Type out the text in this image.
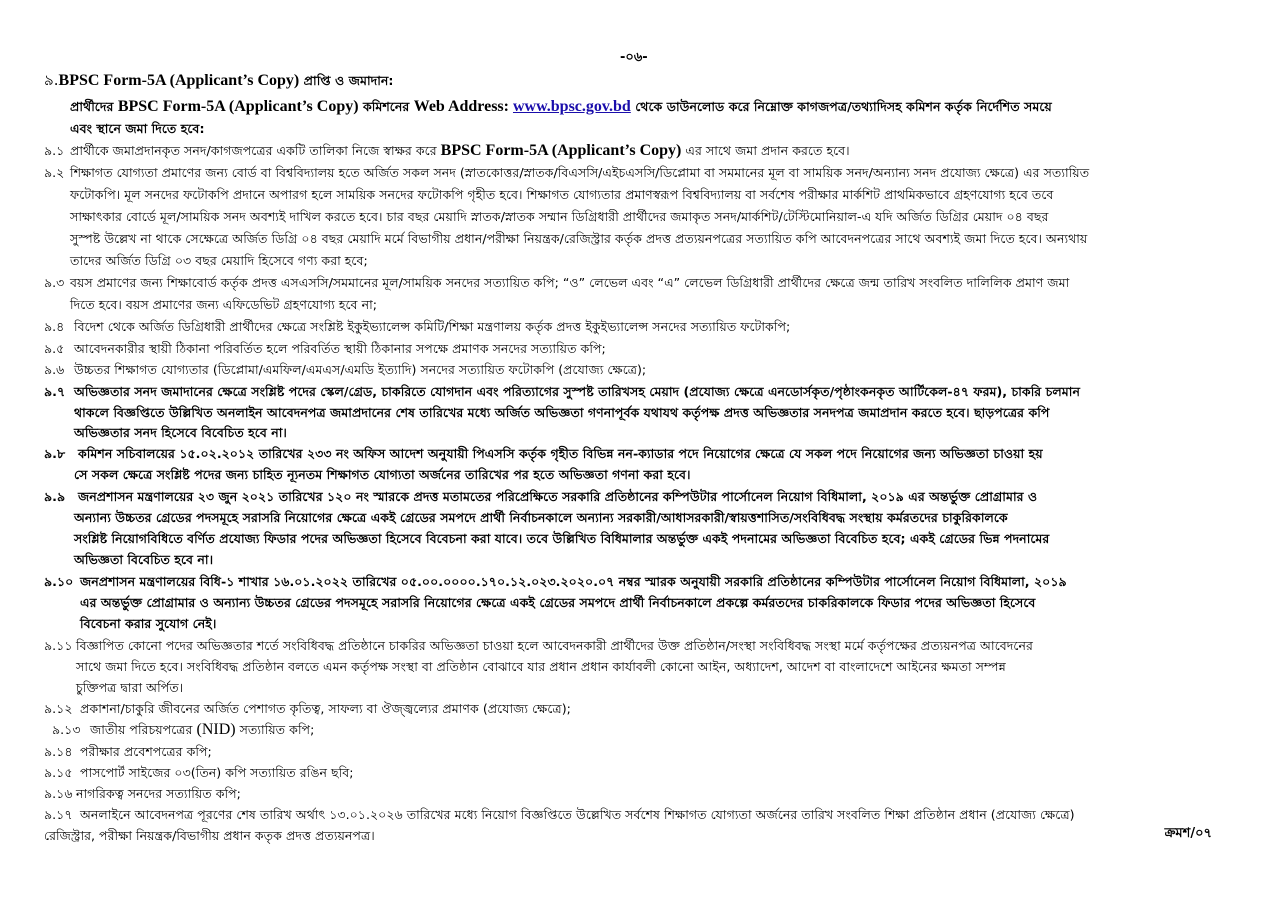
-০৬-
৯.BPSC Form-5A (Applicant’s Copy) প্রাপ্তি ও জমাদান:
প্রার্থীদের BPSC Form-5A (Applicant’s Copy) কমিশনের Web Address: www.bpsc.gov.bd থেকে ডাউনলোড করে নিম্নোক্ত কাগজপত্র/তথ্যাদিসহ কমিশন কর্তৃক নির্দেশিত সময়ে
এবং স্থানে জমা দিতে হবে:
৯.১ প্রার্থীকে জমাপ্রদানকৃত সনদ/কাগজপত্রের একটি তালিকা নিজে স্বাক্ষর করে BPSC Form-5A (Applicant’s Copy) এর সাথে জমা প্রদান করতে হবে।
৯.২ শিক্ষাগত যোগ্যতা প্রমাণের জন্য বোর্ড বা বিশ্ববিদ্যালয় হতে অর্জিত সকল সনদ (স্নাতকোত্তর/স্নাতক/বিএসসি/এইচএসসি/ডিপ্লোমা বা সমমানের মূল বা সাময়িক সনদ/অন্যান্য সনদ প্রযোজ্য ক্ষেত্রে) এর সত্যায়িত
ফটোকপি। মূল সনদের ফটোকপি প্রদানে অপারগ হলে সাময়িক সনদের ফটোকপি গৃহীত হবে। শিক্ষাগত যোগ্যতার প্রমাণস্বরূপ বিশ্ববিদ্যালয় বা সর্বশেষ পরীক্ষার মার্কশিট প্রাথমিকভাবে গ্রহণযোগ্য হবে তবে
সাক্ষাৎকার বোর্ডে মূল/সাময়িক সনদ অবশ্যই দাখিল করতে হবে। চার বছর মেয়াদি স্নাতক/স্নাতক সম্মান ডিগ্রিধারী প্রার্থীদের জমাকৃত সনদ/মার্কশিট/টেস্টিমোনিয়াল-এ যদি অর্জিত ডিগ্রির মেয়াদ ০৪ বছর
সুস্পষ্ট উল্লেখ না থাকে সেক্ষেত্রে অর্জিত ডিগ্রি ০৪ বছর মেয়াদি মর্মে বিভাগীয় প্রধান/পরীক্ষা নিয়ন্ত্রক/রেজিস্ট্রার কর্তৃক প্রদত্ত প্রত্যয়নপত্রের সত্যায়িত কপি আবেদনপত্রের সাথে অবশ্যই জমা দিতে হবে। অন্যথায়
তাদের অর্জিত ডিগ্রি ০৩ বছর মেয়াদি হিসেবে গণ্য করা হবে;
৯.৩ বয়স প্রমাণের জন্য শিক্ষাবোর্ড কর্তৃক প্রদত্ত এসএসসি/সমমানের মূল/সাময়িক সনদের সত্যায়িত কপি; “ও” লেভেল এবং “এ” লেভেল ডিগ্রিধারী প্রার্থীদের ক্ষেত্রে জন্ম তারিখ সংবলিত দালিলিক প্রমাণ জমা
দিতে হবে। বয়স প্রমাণের জন্য এফিডেভিট গ্রহণযোগ্য হবে না;
৯.৪ বিদেশ থেকে অর্জিত ডিগ্রিধারী প্রার্থীদের ক্ষেত্রে সংশ্লিষ্ট ইকুইভ্যালেন্স কমিটি/শিক্ষা মন্ত্রণালয় কর্তৃক প্রদত্ত ইকুইভ্যালেন্স সনদের সত্যায়িত ফটোকপি;
৯.৫ আবেদনকারীর স্থায়ী ঠিকানা পরিবর্তিত হলে পরিবর্তিত স্থায়ী ঠিকানার সপক্ষে প্রমাণক সনদের সত্যায়িত কপি;
৯.৬ উচ্চতর শিক্ষাগত যোগ্যতার (ডিপ্লোমা/এমফিল/এমএস/এমডি ইত্যাদি) সনদের সত্যায়িত ফটোকপি (প্রযোজ্য ক্ষেত্রে);
৯.৭ অভিজ্ঞতার সনদ জমাদানের ক্ষেত্রে সংশ্লিষ্ট পদের স্কেল/গ্রেড, চাকরিতে যোগদান এবং পরিত্যাগের সুস্পষ্ট তারিখসহ মেয়াদ (প্রযোজ্য ক্ষেত্রে এনডোর্সকৃত/পৃষ্ঠাংকনকৃত আর্টিকেল-৪৭ ফরম), চাকরি চলমান
থাকলে বিজ্ঞপ্তিতে উল্লিখিত অনলাইন আবেদনপত্র জমাপ্রদানের শেষ তারিখের মধ্যে অর্জিত অভিজ্ঞতা গণনাপূর্বক যথাযথ কর্তৃপক্ষ প্রদত্ত অভিজ্ঞতার সনদপত্র জমাপ্রদান করতে হবে। ছাড়পত্রের কপি
অভিজ্ঞতার সনদ হিসেবে বিবেচিত হবে না।
৯.৮ কমিশন সচিবালয়ের ১৫.০২.২০১২ তারিখের ২৩৩ নং অফিস আদেশ অনুযায়ী পিএসসি কর্তৃক গৃহীত বিভিন্ন নন-ক্যাডার পদে নিয়োগের ক্ষেত্রে যে সকল পদে নিয়োগের জন্য অভিজ্ঞতা চাওয়া হয়
সে সকল ক্ষেত্রে সংশ্লিষ্ট পদের জন্য চাহিত ন্যূনতম শিক্ষাগত যোগ্যতা অর্জনের তারিখের পর হতে অভিজ্ঞতা গণনা করা হবে।
৯.৯ জনপ্রশাসন মন্ত্রণালয়ের ২৩ জুন ২০২১ তারিখের ১২০ নং স্মারকে প্রদত্ত মতামতের পরিপ্রেক্ষিতে সরকারি প্রতিষ্ঠানের কম্পিউটার পার্সোনেল নিয়োগ বিধিমালা, ২০১৯ এর অন্তর্ভুক্ত প্রোগ্রামার ও
অন্যান্য উচ্চতর গ্রেডের পদসমূহে সরাসরি নিয়োগের ক্ষেত্রে একই গ্রেডের সমপদে প্রার্থী নির্বাচনকালে অন্যান্য সরকারী/আধাসরকারী/স্বায়ত্তশাসিত/সংবিধিবদ্ধ সংস্থায় কর্মরতদের চাকুরিকালকে
সংশ্লিষ্ট নিয়োগবিধিতে বর্ণিত প্রযোজ্য ফিডার পদের অভিজ্ঞতা হিসেবে বিবেচনা করা যাবে। তবে উল্লিখিত বিধিমালার অন্তর্ভুক্ত একই পদনামের অভিজ্ঞতা বিবেচিত হবে; একই গ্রেডের ভিন্ন পদনামের
অভিজ্ঞতা বিবেচিত হবে না।
৯.১০ জনপ্রশাসন মন্ত্রণালয়ের বিধি-১ শাখার ১৬.০১.২০২২ তারিখের ০৫.০০.০০০০.১৭০.১২.০২৩.২০২০.০৭ নম্বর স্মারক অনুযায়ী সরকারি প্রতিষ্ঠানের কম্পিউটার পার্সোনেল নিয়োগ বিধিমালা, ২০১৯
এর অন্তর্ভুক্ত প্রোগ্রামার ও অন্যান্য উচ্চতর গ্রেডের পদসমূহে সরাসরি নিয়োগের ক্ষেত্রে একই গ্রেডের সমপদে প্রার্থী নির্বাচনকালে প্রকল্পে কর্মরতদের চাকরিকালকে ফিডার পদের অভিজ্ঞতা হিসেবে
বিবেচনা করার সুযোগ নেই।
৯.১১ বিজ্ঞাপিত কোনো পদের অভিজ্ঞতার শর্তে সংবিধিবদ্ধ প্রতিষ্ঠানে চাকরির অভিজ্ঞতা চাওয়া হলে আবেদনকারী প্রার্থীদের উক্ত প্রতিষ্ঠান/সংস্থা সংবিধিবদ্ধ সংস্থা মর্মে কর্তৃপক্ষের প্রত্যয়নপত্র আবেদনের
সাথে জমা দিতে হবে। সংবিধিবদ্ধ প্রতিষ্ঠান বলতে এমন কর্তৃপক্ষ সংস্থা বা প্রতিষ্ঠান বোঝাবে যার প্রধান প্রধান কার্যাবলী কোনো আইন, অধ্যাদেশ, আদেশ বা বাংলাদেশে আইনের ক্ষমতা সম্পন্ন
চুক্তিপত্র দ্বারা অর্পিত।
৯.১২ প্রকাশনা/চাকুরি জীবনের অর্জিত পেশাগত কৃতিত্ব, সাফল্য বা ঔজ্জ্বল্যের প্রমাণক (প্রযোজ্য ক্ষেত্রে);
৯.১৩ জাতীয় পরিচয়পত্রের (NID) সত্যায়িত কপি;
৯.১৪ পরীক্ষার প্রবেশপত্রের কপি;
৯.১৫ পাসপোর্ট সাইজের ০৩(তিন) কপি সত্যায়িত রঙিন ছবি;
৯.১৬ নাগরিকত্ব সনদের সত্যায়িত কপি;
৯.১৭ অনলাইনে আবেদনপত্র পূরণের শেষ তারিখ অর্থাৎ ১৩.০১.২০২৬ তারিখের মধ্যে নিয়োগ বিজ্ঞপ্তিতে উল্লেখিত সর্বশেষ শিক্ষাগত যোগ্যতা অর্জনের তারিখ সংবলিত শিক্ষা প্রতিষ্ঠান প্রধান (প্রযোজ্য ক্ষেত্রে)
রেজিস্ট্রার, পরীক্ষা নিয়ন্ত্রক/বিভাগীয় প্রধান কতৃক প্রদত্ত প্রত্যয়নপত্র।	ক্রমশ/০৭
